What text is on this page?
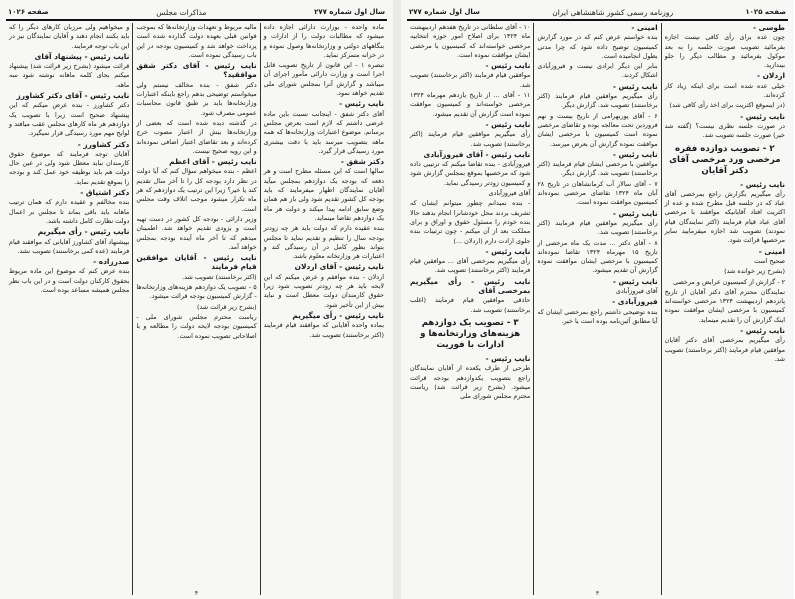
سال اول شماره ۲۷۷
مذاکرات مجلس
صفحه ۱۰۲۶

ماده واحده - بوزارت دارائی اجازه داده میشود که مطالبات دولت را از ادارات و بنگاههای دولتی و وزارتخانه‌ها وصول نموده و در خزانه متمرکز نماید.

تبصره ۱ - این قانون از تاریخ تصویب قابل اجرا است و وزارت دارائی مأمور اجرای آن میباشد و گزارش آنرا بمجلس شورای ملی تقدیم خواهد نمود.

نایب رئیس -

آقای دکتر شفق - اینجانب نسبت باین ماده عرضی داشتم که لازم است بعرض مجلس برسانم. موضوع اعتبارات وزارتخانه‌ها که همه ماهه بتصویب میرسد باید با دقت بیشتری مورد رسیدگی قرار گیرد.

دکتر شفق -

سالها است که این مسئله مطرح است و هر دفعه که بودجه یک دوازدهم بمجلس میآید آقایان نمایندگان اظهار میفرمایند که باید بودجه کل کشور تقدیم شود ولی باز هم همان وضع سابق ادامه پیدا میکند و دولت هر ماه یک دوازدهم تقاضا مینماید.

بنده عقیده دارم که دولت باید هر چه زودتر بودجه سال را تنظیم و تقدیم نماید تا مجلس بتواند بطور کامل در آن رسیدگی کند و اعتبارات هر وزارتخانه معلوم باشد.

نایب رئیس - آقای اردلان

اردلان - بنده موافقم و عرض میکنم که این لایحه باید هر چه زودتر تصویب شود زیرا حقوق کارمندان دولت معطل است و نباید بیش از این تأخیر شود.

نایب رئیس - رأی میگیریم

بماده واحده آقایانی که موافقند قیام فرمایند (اکثر برخاستند) تصویب شد.

مالیه مربوط و تعهدات وزارتخانه‌ها که بموجب قوانین قبلی بعهده دولت گذارده شده است پرداخت خواهد شد و کمیسیون بودجه در این باب رسیدگی نموده است.

نایب رئیس - آقای دکتر شفق موافقید؟

دکتر شفق - بنده مخالف نیستم ولی میخواستم توضیحی بدهم راجع باینکه اعتبارات وزارتخانه‌ها باید بر طبق قانون محاسبات عمومی مصرف شود.

در گذشته دیده شده است که بعضی از وزارتخانه‌ها بیش از اعتبار مصوب خرج کرده‌اند و بعد تقاضای اعتبار اضافی نموده‌اند و این رویه صحیح نیست.

نایب رئیس - آقای اعظم

اعظم - بنده میخواهم سؤال کنم که آیا دولت در نظر دارد بودجه کل را تا آخر سال تقدیم کند یا خیر؟ زیرا این ترتیب یک دوازدهم که هر ماه تکرار میشود موجب اتلاف وقت مجلس است.

وزیر دارائی - بودجه کل کشور در دست تهیه است و بزودی تقدیم خواهد شد. اطمینان میدهم که تا آخر ماه آینده بودجه بمجلس خواهد آمد.

نایب رئیس - آقایان موافقین قیام فرمایند

(اکثر برخاستند) تصویب شد.

۵ - تصویب یک دوازدهم هزینه‌های وزارتخانه‌ها - گزارش کمیسیون بودجه قرائت میشود.

(بشرح زیر قرائت شد)

ریاست محترم مجلس شورای ملی - کمیسیون بودجه لایحه دولت را مطالعه و با اصلاحاتی تصویب نموده است.

و میخواهیم ولی مرزبان کارهای دیگر را که باید بکنند انجام دهند و آقایان نمایندگان نیز در این باب توجه فرمایند.

نایب رئیس - پیشنهاد آقای

قرائت میشود (بشرح زیر قرائت شد) پیشنهاد میکنم بجای کلمه ماهانه نوشته شود سه ماهه.

نایب رئیس - آقای دکتر کشاورز

دکتر کشاورز - بنده عرض میکنم که این پیشنهاد صحیح است زیرا با تصویب یک دوازدهم هر ماه کارهای مجلس عقب میافتد و لوایح مهم مورد رسیدگی قرار نمیگیرد.

دکتر کشاورز -

آقایان توجه فرمایند که موضوع حقوق کارمندان نباید معطل شود ولی در عین حال دولت هم باید بوظیفه خود عمل کند و بودجه را بموقع تقدیم نماید.

دکتر اشتیاق -

بنده مخالفم و عقیده دارم که همان ترتیب ماهانه باید باقی بماند تا مجلس بر اعمال دولت نظارت کامل داشته باشد.

نایب رئیس - رأی میگیریم

بپیشنهاد آقای کشاورز آقایانی که موافقند قیام فرمایند (عده کمی برخاستند) تصویب نشد.

صدرزاده -

بنده عرض کنم که موضوع این ماده مربوط بحقوق کارکنان دولت است و در این باب نظر مجلس همیشه مساعد بوده است.

۴
صفحه ۱۰۲۵
روزنامه رسمی کشور شاهنشاهی ایران
سال اول شماره ۲۷۷

طوسی -

چون عده برای رأی کافی نیست اجازه بفرمائید تصویب صورت جلسه را به بعد موکول بفرمائید و مطالب دیگر را جلو بیندازید.

اردلان -

خیلی عده شده است برای اینکه زیاد کار کرده‌اند.

(در اینموقع اکثریت برای اخذ رأی کافی شد)

نایب رئیس -

در صورت جلسه نظری نیست؟ (گفته شد خیر) صورت جلسه تصویب شد.

۲ - تصویب دوازده فقره مرخصی ورد مرخصی آقای دکتر آقایان

نایب رئیس -

رأی میگیریم بگزارش راجع بمرخصی آقای عباد که در جلسه قبل مطرح شده و عده از اکثریت افتاد آقایانیکه موافقند با مرخصی آقای عباد قیام فرمایند (اکثر نمایندگان قیام نمودند) تصویب شد اجازه میفرمایید سایر مرخصیها قرائت شود.

امینی -

صحیح است

(بشرح زیر خوانده شد)

۲ - گزارش از کمیسیون عرایض و مرخصی

نمایندگان محترم آقای دکتر آقایان از تاریخ پانزدهم اردیبهشت ۱۳۲۴ مرخصی خواسته‌اند کمیسیون با مرخصی ایشان موافقت نموده اینک گزارش آن را تقدیم مینماید.

نایب رئیس -

رأی میگیریم بمرخصی آقای دکتر آقایان موافقین قیام فرمایند (اکثر برخاستند) تصویب شد.

امینی -

بنده خواستم عرض کنم که در مورد گزارش کمیسیون توضیح داده شود که چرا مدتی بطول انجامیده است.

بنابر این دیگر ایرادی نیست و فیروزآبادی اشکال کردند.

نایب رئیس -

رأی میگیریم موافقین قیام فرمایند (اکثر برخاستند) تصویب شد. گزارش دیگر.

۶ - آقای پوربهرامی از تاریخ بیست و نهم فروردین تحت معالجه بوده و تقاضای مرخصی نموده است کمیسیون با مرخصی ایشان موافقت نموده گزارش آن بعرض میرسد.

نایب رئیس -

موافقین با مرخصی ایشان قیام فرمایند (اکثر برخاستند) تصویب شد. گزارش دیگر.

۷ - آقای سالار آب کرمانشاهان در تاریخ ۲۸ آبان ماه ۱۳۲۴ تقاضای مرخصی نموده‌اند کمیسیون موافقت نموده است.

نایب رئیس -

رأی میگیریم موافقین قیام فرمایند (اکثر برخاستند) تصویب شد.

۸ - آقای دکتر ... مدت یک ماه مرخصی از تاریخ ۱۵ مهرماه ۱۳۲۴ تقاضا نموده‌اند کمیسیون با مرخصی ایشان موافقت نموده گزارش آن تقدیم میشود.

نایب رئیس -

آقای فیروزآبادی

فیروزآبادی -

بنده توضیحی داشتم راجع بمرخصی ایشان که آیا مطابق آئین‌نامه بوده است یا خیر.

۱۰ - آقای سلطانی در تاریخ هفدهم اردیبهشت ماه ۱۳۲۴ برای اصلاح امور حوزه انتخابیه مرخصی خواسته‌اند که کمیسیون با مرخصی ایشان موافقت نموده است.

نایب رئیس -

موافقین قیام فرمایند (اکثر برخاستند) تصویب شد.

۱۱ - آقای ... از تاریخ یازدهم مهرماه ۱۳۲۴ مرخصی خواسته‌اند و کمیسیون موافقت نموده است گزارش آن تقدیم میشود.

نایب رئیس -

رأی میگیریم موافقین قیام فرمایند (اکثر برخاستند) تصویب شد.

نایب رئیس - آقای فیروزآبادی

فیروزآبادی - بنده تقاضا میکنم که ترتیبی داده شود که مرخصیها بموقع بمجلس گزارش شود و کمیسیون زودتر رسیدگی نماید.

آقای فیروزآبادی

- بنده نمیدانم چطور میتوانم ایشان که تشریف بردند محل خودشانرا انجام بدهند حالا بنده خودم را مسئول حقوق و اوراق و برای مملکت بعد از آن میکنم - چون ترتیبات بنده جلوی ارادت دارم (اردلان ...)

نایب رئیس -

رأی میگیریم بمرخصی آقای ... موافقین قیام فرمایند (اکثر برخاستند) تصویب شد.

نایب رئیس - رأی میگیریم بمرخصی آقای

حاذقی موافقین قیام فرمایند (اغلب برخاستند) تصویب شد.

۳ - تصویب یک دوازدهم هزینه‌های وزارتخانه‌ها و ادارات با فوریت

نایب رئیس -

طرحی از طرف یکعده از آقایان نمایندگان راجع بتصویب یکدوازدهم بودجه قرائت میشود. (بشرح زیر قرائت شد) ریاست محترم مجلس شورای ملی

۳
